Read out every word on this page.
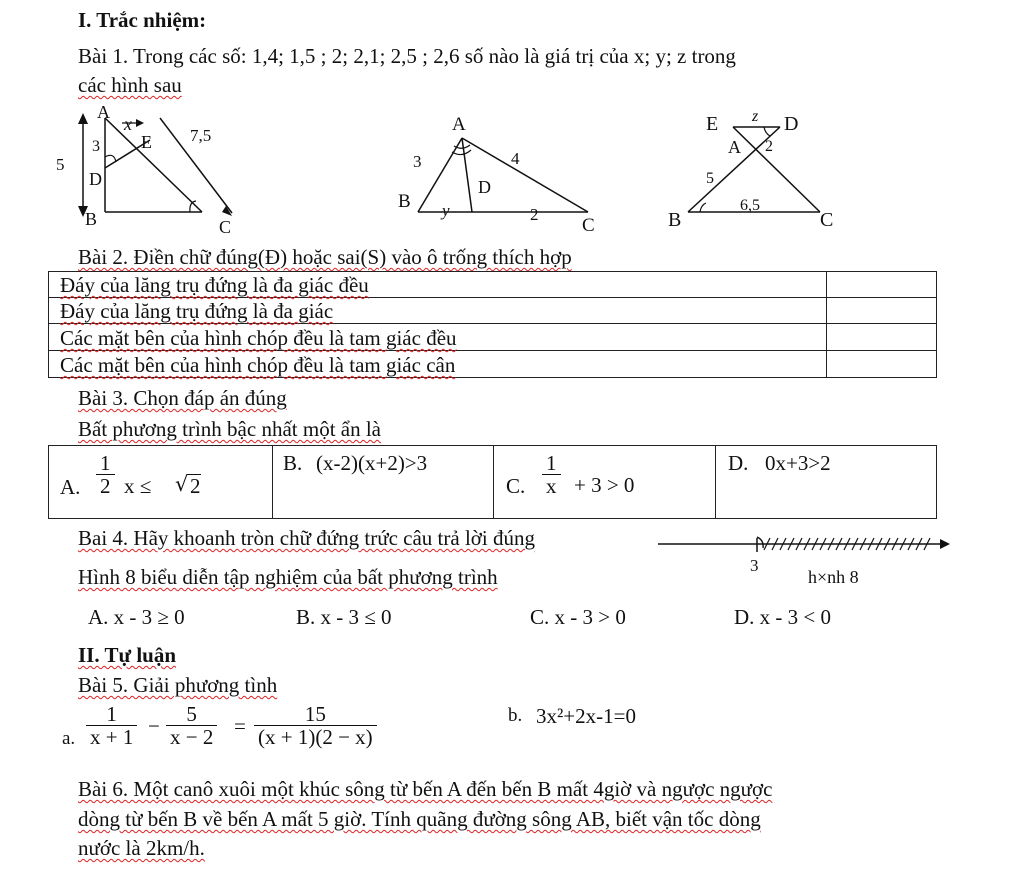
I. Trắc nhiệm:
Bài 1. Trong các số: 1,4; 1,5 ; 2; 2,1; 2,5 ; 2,6 số nào là giá trị của x; y; z trong
các hình sau
A
x
3 E 7,5
5
D
B	C
A
3	4
D
B y	2
C
E z D
A 2
5
6,5
B	C
Bài 2. Điền chữ đúng(Đ) hoặc sai(S) vào ô trống thích hợp
Đáy của lăng trụ đứng là đa giác đều
Đáy của lăng trụ đứng là đa giác
Các mặt bên của hình chóp đều là tam giác đều
Các mặt bên của hình chóp đều là tam giác cân
Bài 3. Chọn đáp án đúng
Bất phương trình bậc nhất một ẩn là
A. $\frac{1}{2}$ x ≤ √ 2
B. (x-2)(x+2)>3
C. $\frac{1}{x} + 3 > 0$
D. 0x+3>2
Bai 4. Hãy khoanh tròn chữ đứng trức câu trả lời đúng
3
Hình 8 biểu diễn tập nghiệm của bất phương trình	h×nh 8
A. x - 3 ≥ 0	B. x - 3 ≤ 0	C. x - 3 > 0	D. x - 3 < 0
II. Tự luận
Bài 5. Giải phương tình
a. $\frac{1}{x + 1} - \frac{5}{x - 2} = \frac{15}{(x + 1)(2 - x)}$	b. 3x²+2x-1=0
Bài 6. Một canô xuôi một khúc sông từ bến A đến bến B mất 4giờ và ngược ngược
dòng từ bến B về bến A mất 5 giờ. Tính quãng đường sông AB, biết vận tốc dòng
nước là 2km/h.
